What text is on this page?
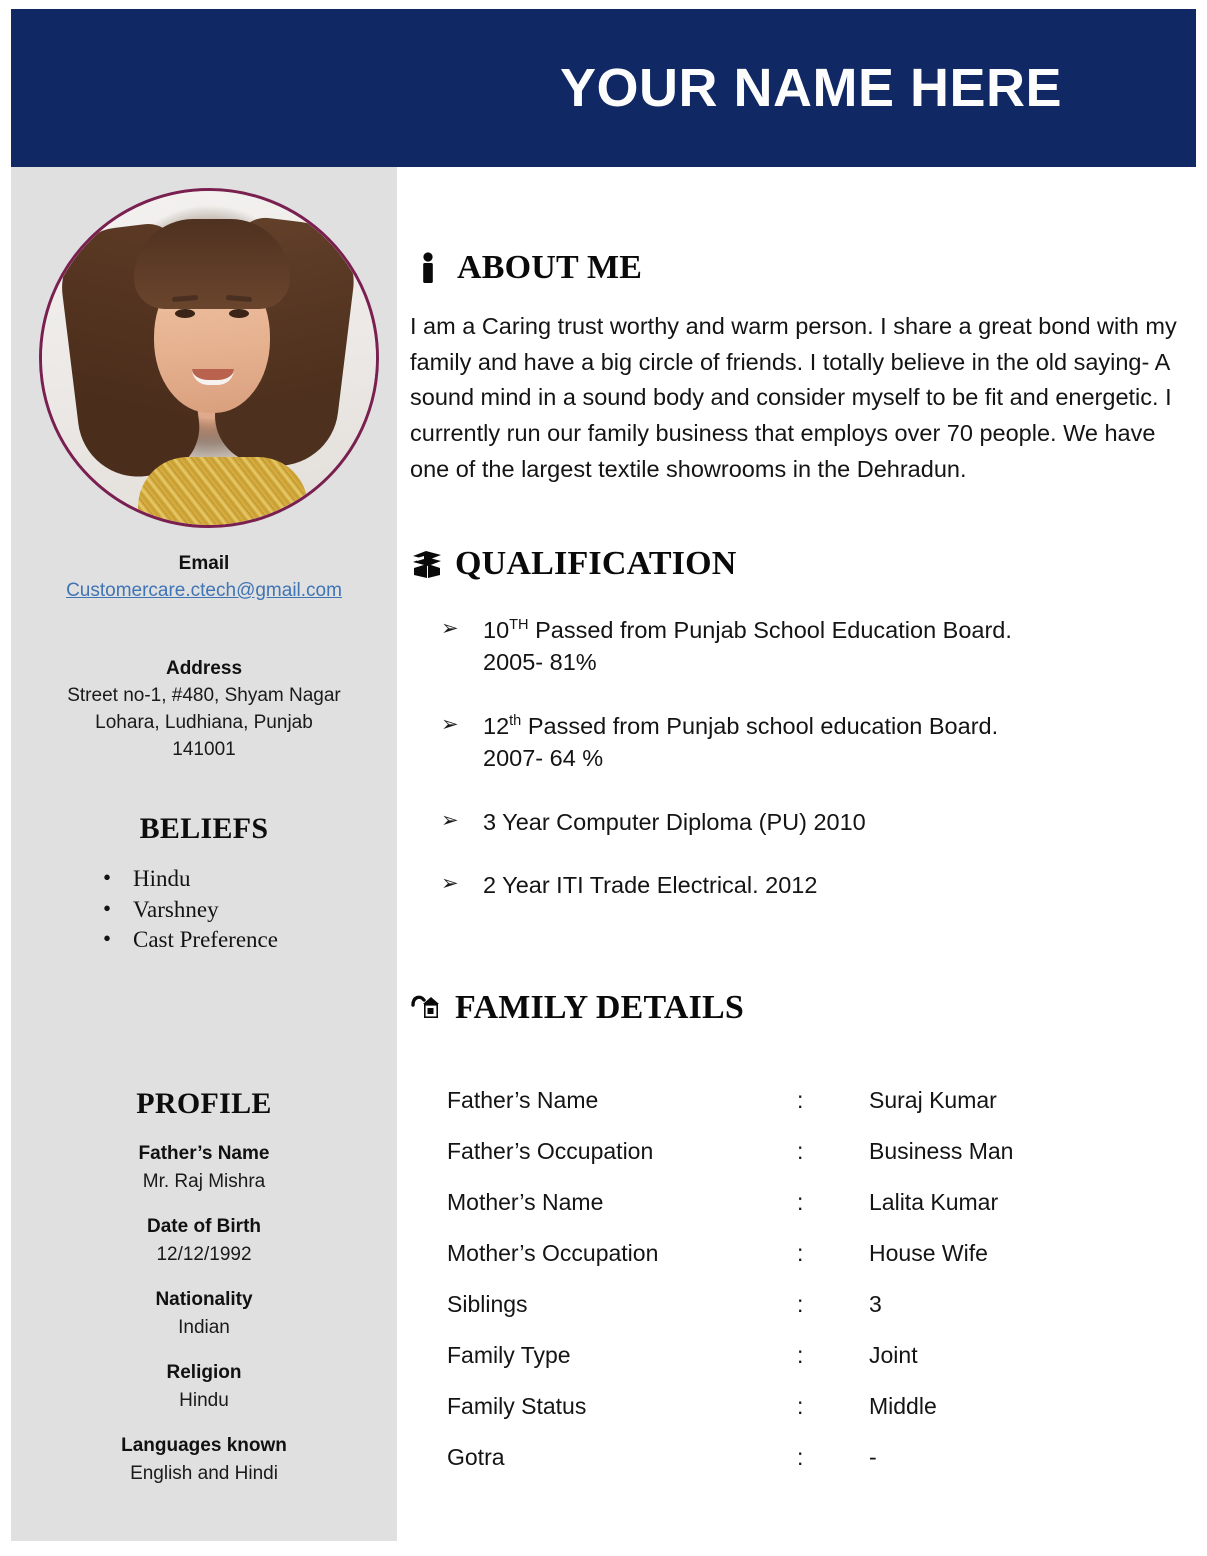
YOUR NAME HERE
Email
Customercare.ctech@gmail.com
Address
Street no-1, #480, Shyam Nagar
Lohara, Ludhiana, Punjab
141001
BELIEFS
• Hindu
• Varshney
• Cast Preference
PROFILE
Father’s Name
Mr. Raj Mishra
Date of Birth
12/12/1992
Nationality
Indian
Religion
Hindu
Languages known
English and Hindi
ABOUT ME
I am a Caring trust worthy and warm person. I share a great bond with my family and have a big circle of friends. I totally believe in the old saying- A sound mind in a sound body and consider myself to be fit and energetic. I currently run our family business that employs over 70 people. We have one of the largest textile showrooms in the Dehradun.
QUALIFICATION
➢ 10TH Passed from Punjab School Education Board.
2005- 81%
➢ 12th Passed from Punjab school education Board.
2007- 64 %
➢ 3 Year Computer Diploma (PU) 2010
➢ 2 Year ITI Trade Electrical. 2012
FAMILY DETAILS
Father’s Name	:	Suraj Kumar
Father’s Occupation	:	Business Man
Mother’s Name	:	Lalita Kumar
Mother’s Occupation	:	House Wife
Siblings	:	3
Family Type	:	Joint
Family Status	:	Middle
Gotra	:	-
